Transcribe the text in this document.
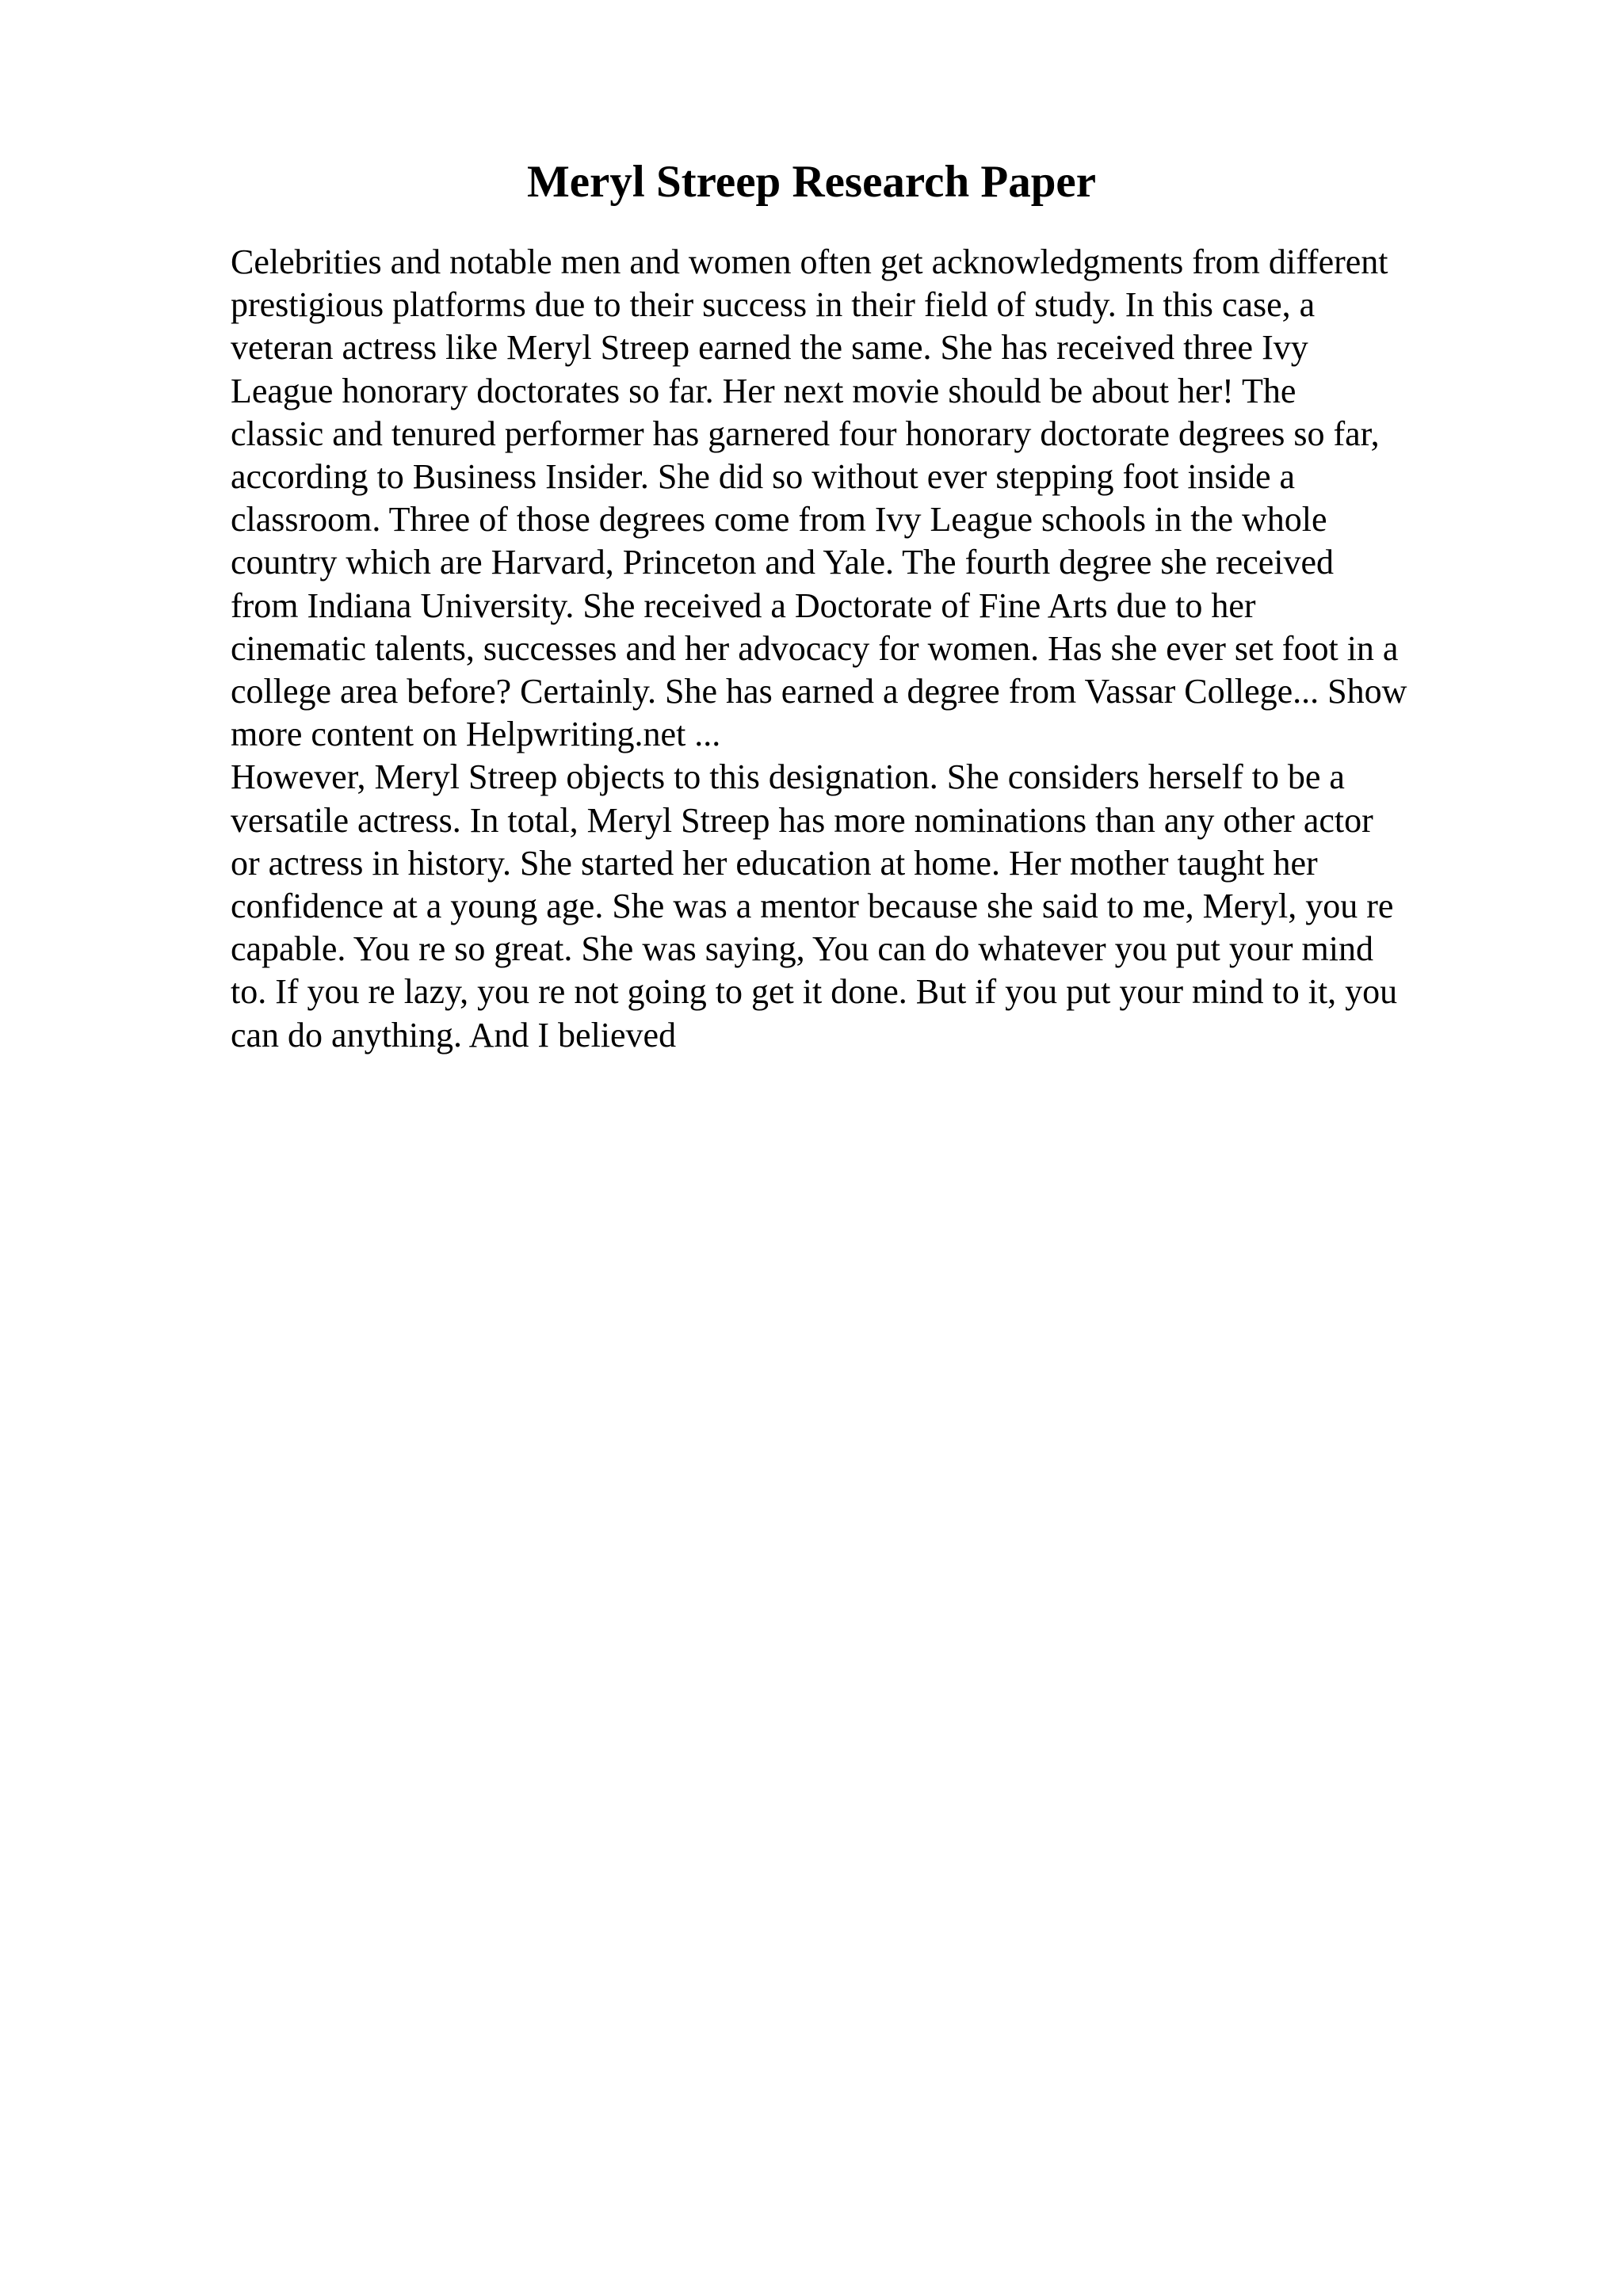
Meryl Streep Research Paper
Celebrities and notable men and women often get acknowledgments from different
prestigious platforms due to their success in their field of study. In this case, a
veteran actress like Meryl Streep earned the same. She has received three Ivy
League honorary doctorates so far. Her next movie should be about her! The
classic and tenured performer has garnered four honorary doctorate degrees so far,
according to Business Insider. She did so without ever stepping foot inside a
classroom. Three of those degrees come from Ivy League schools in the whole
country which are Harvard, Princeton and Yale. The fourth degree she received
from Indiana University. She received a Doctorate of Fine Arts due to her
cinematic talents, successes and her advocacy for women. Has she ever set foot in a
college area before? Certainly. She has earned a degree from Vassar College... Show
more content on Helpwriting.net ...
However, Meryl Streep objects to this designation. She considers herself to be a
versatile actress. In total, Meryl Streep has more nominations than any other actor
or actress in history. She started her education at home. Her mother taught her
confidence at a young age. She was a mentor because she said to me, Meryl, you re
capable. You re so great. She was saying, You can do whatever you put your mind
to. If you re lazy, you re not going to get it done. But if you put your mind to it, you
can do anything. And I believed
